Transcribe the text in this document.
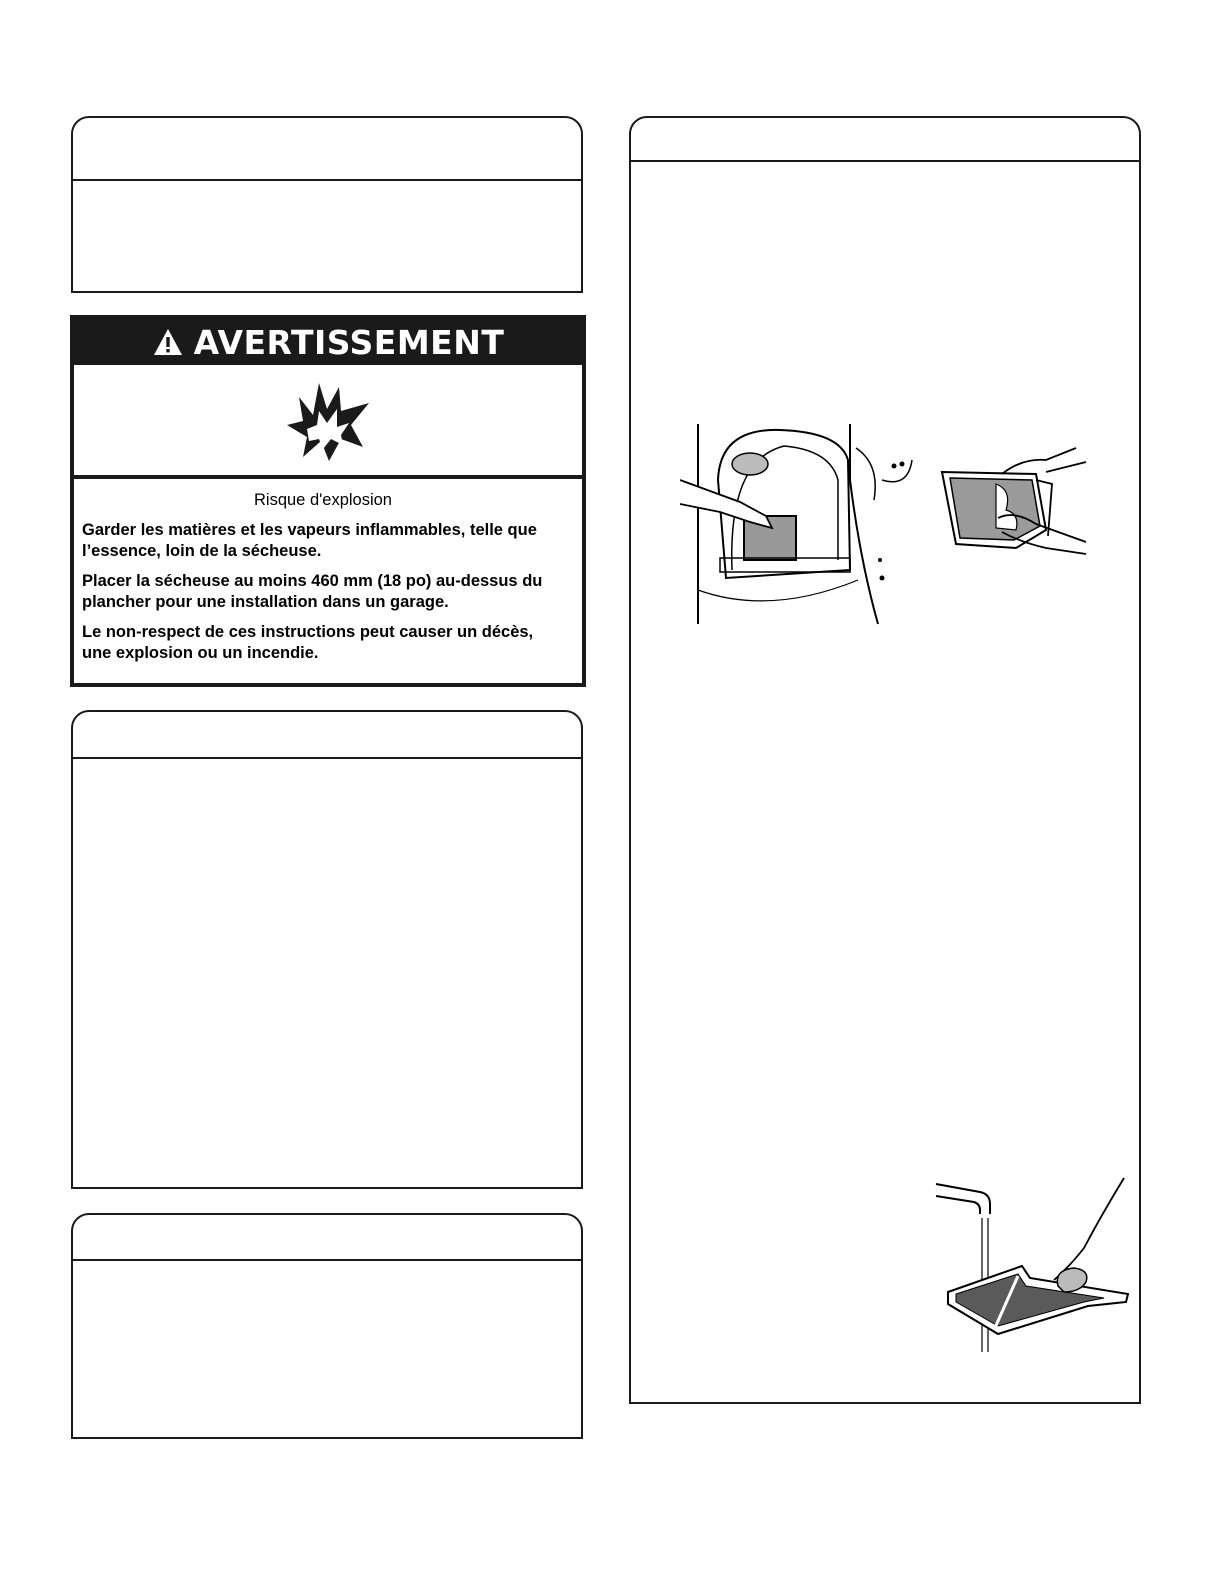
AVERTISSEMENT

Risque d'explosion

Garder les matières et les vapeurs inflammables, telle que l’essence, loin de la sécheuse.

Placer la sécheuse au moins 460 mm (18 po) au-dessus du plancher pour une installation dans un garage.

Le non-respect de ces instructions peut causer un décès, une explosion ou un incendie.
